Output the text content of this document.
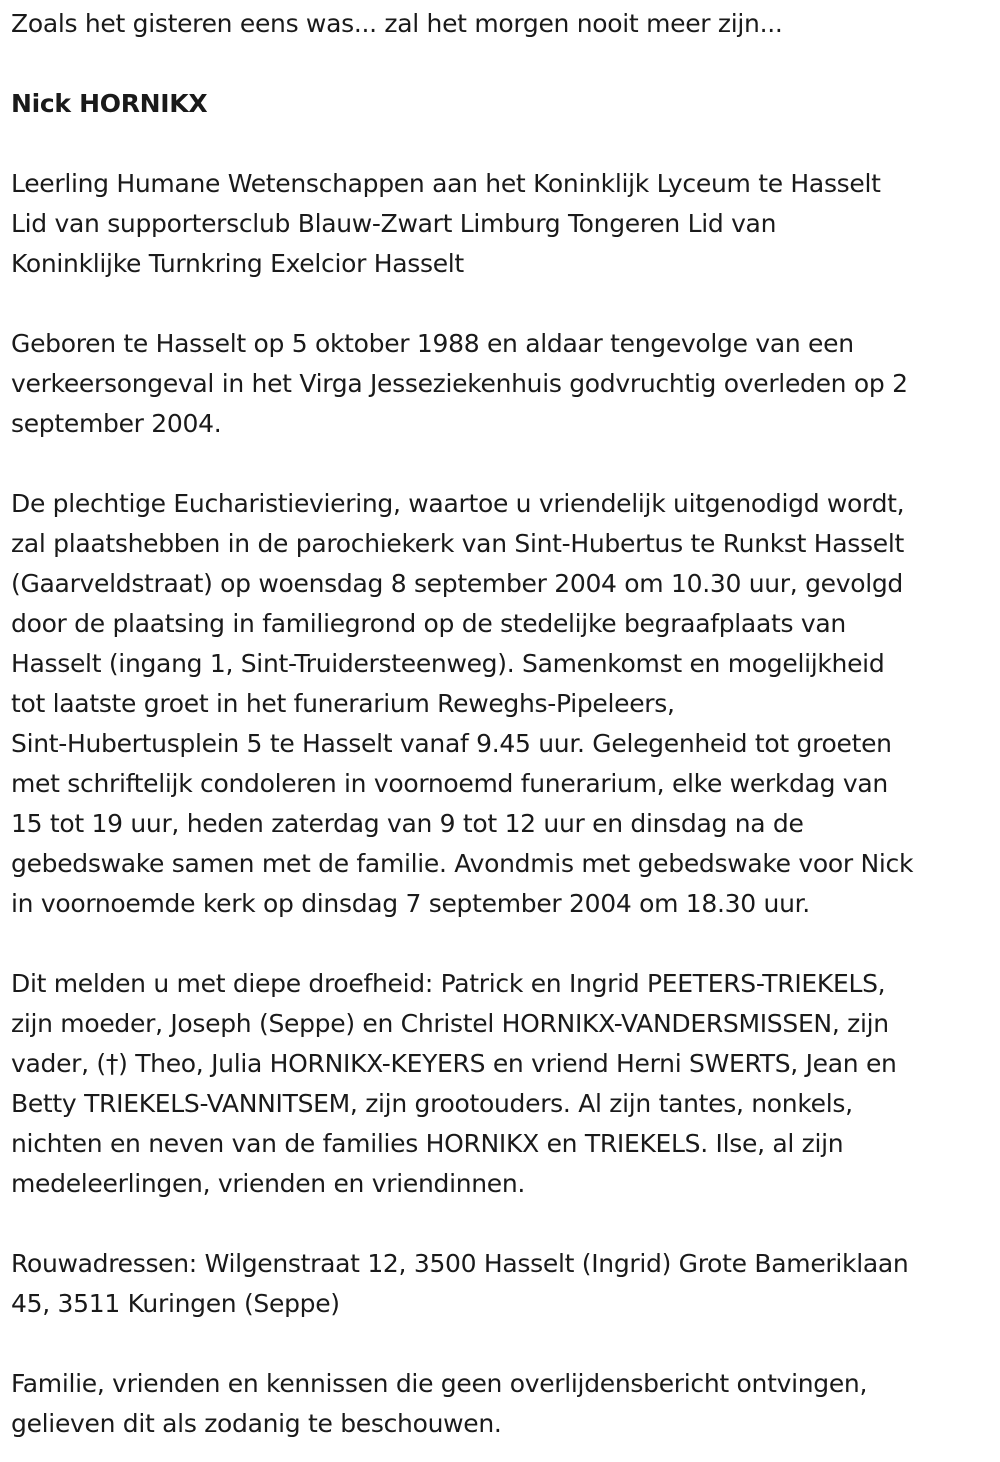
Zoals het gisteren eens was... zal het morgen nooit meer zijn...

Nick HORNIKX

Leerling Humane Wetenschappen aan het Koninklijk Lyceum te Hasselt
Lid van supportersclub Blauw-Zwart Limburg Tongeren Lid van
Koninklijke Turnkring Exelcior Hasselt

Geboren te Hasselt op 5 oktober 1988 en aldaar tengevolge van een
verkeersongeval in het Virga Jesseziekenhuis godvruchtig overleden op 2
september 2004.

De plechtige Eucharistieviering, waartoe u vriendelijk uitgenodigd wordt,
zal plaatshebben in de parochiekerk van Sint-Hubertus te Runkst Hasselt
(Gaarveldstraat) op woensdag 8 september 2004 om 10.30 uur, gevolgd
door de plaatsing in familiegrond op de stedelijke begraafplaats van
Hasselt (ingang 1, Sint-Truidersteenweg). Samenkomst en mogelijkheid
tot laatste groet in het funerarium Reweghs-Pipeleers,
Sint-Hubertusplein 5 te Hasselt vanaf 9.45 uur. Gelegenheid tot groeten
met schriftelijk condoleren in voornoemd funerarium, elke werkdag van
15 tot 19 uur, heden zaterdag van 9 tot 12 uur en dinsdag na de
gebedswake samen met de familie. Avondmis met gebedswake voor Nick
in voornoemde kerk op dinsdag 7 september 2004 om 18.30 uur.

Dit melden u met diepe droefheid: Patrick en Ingrid PEETERS-TRIEKELS,
zijn moeder, Joseph (Seppe) en Christel HORNIKX-VANDERSMISSEN, zijn
vader, (†) Theo, Julia HORNIKX-KEYERS en vriend Herni SWERTS, Jean en
Betty TRIEKELS-VANNITSEM, zijn grootouders. Al zijn tantes, nonkels,
nichten en neven van de families HORNIKX en TRIEKELS. Ilse, al zijn
medeleerlingen, vrienden en vriendinnen.

Rouwadressen: Wilgenstraat 12, 3500 Hasselt (Ingrid) Grote Bameriklaan
45, 3511 Kuringen (Seppe)

Familie, vrienden en kennissen die geen overlijdensbericht ontvingen,
gelieven dit als zodanig te beschouwen.
